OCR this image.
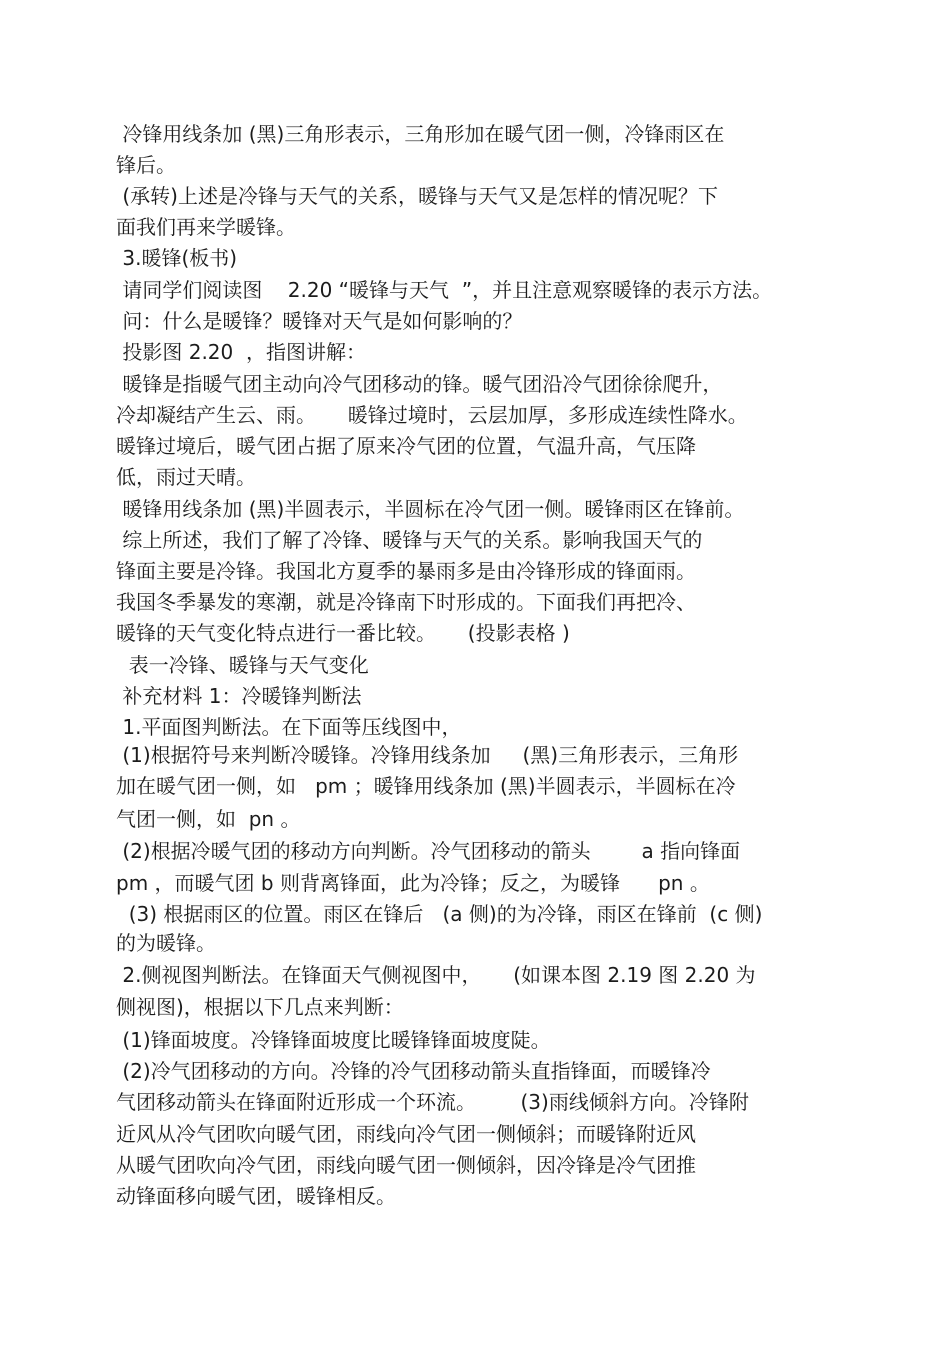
冷锋用线条加 (黑)三角形表示，三角形加在暖气团一侧，冷锋雨区在
锋后。
(承转)上述是冷锋与天气的关系，暖锋与天气又是怎样的情况呢？下
面我们再来学暖锋。
3.暖锋(板书)
请同学们阅读图    2.20 “暖锋与天气  ”，并且注意观察暖锋的表示方法。
问：什么是暖锋？暖锋对天气是如何影响的？
投影图 2.20  ，指图讲解：
暖锋是指暖气团主动向冷气团移动的锋。暖气团沿冷气团徐徐爬升，
冷却凝结产生云、雨。     暖锋过境时，云层加厚，多形成连续性降水。
暖锋过境后，暖气团占据了原来冷气团的位置，气温升高，气压降
低，雨过天晴。
暖锋用线条加 (黑)半圆表示，半圆标在冷气团一侧。暖锋雨区在锋前。
综上所述，我们了解了冷锋、暖锋与天气的关系。影响我国天气的
锋面主要是冷锋。我国北方夏季的暴雨多是由冷锋形成的锋面雨。
我国冬季暴发的寒潮，就是冷锋南下时形成的。下面我们再把冷、
暖锋的天气变化特点进行一番比较。     (投影表格 )
表一冷锋、暖锋与天气变化
补充材料 1：冷暖锋判断法
1.平面图判断法。在下面等压线图中，
(1)根据符号来判断冷暖锋。冷锋用线条加     (黑)三角形表示，三角形
加在暖气团一侧，如   pm ；暖锋用线条加 (黑)半圆表示，半圆标在冷
气团一侧，如  pn 。
(2)根据冷暖气团的移动方向判断。冷气团移动的箭头        a 指向锋面
pm ，而暖气团 b 则背离锋面，此为冷锋；反之，为暖锋      pn 。
(3) 根据雨区的位置。雨区在锋后   (a 侧)的为冷锋，雨区在锋前  (c 侧)
的为暖锋。
2.侧视图判断法。在锋面天气侧视图中，     (如课本图 2.19 图 2.20 为
侧视图)，根据以下几点来判断：
(1)锋面坡度。冷锋锋面坡度比暖锋锋面坡度陡。
(2)冷气团移动的方向。冷锋的冷气团移动箭头直指锋面，而暖锋冷
气团移动箭头在锋面附近形成一个环流。       (3)雨线倾斜方向。冷锋附
近风从冷气团吹向暖气团，雨线向冷气团一侧倾斜；而暖锋附近风
从暖气团吹向冷气团，雨线向暖气团一侧倾斜，因冷锋是冷气团推
动锋面移向暖气团，暖锋相反。
